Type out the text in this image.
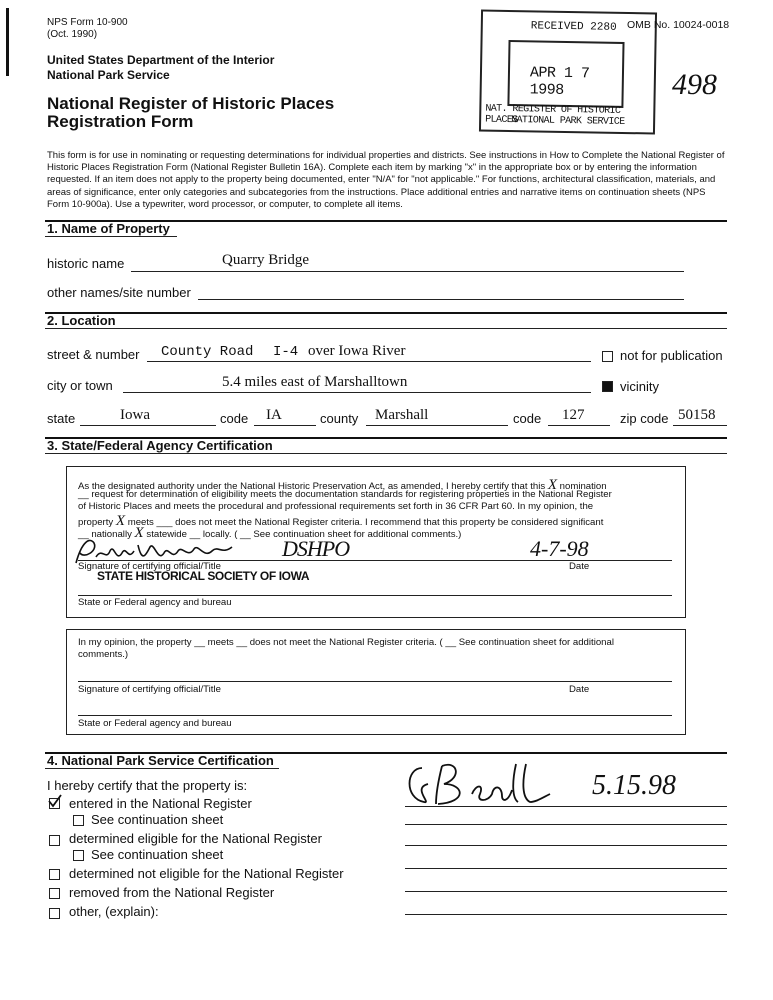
NPS Form 10-900
(Oct. 1990)
United States Department of the Interior
National Park Service
National Register of Historic Places
Registration Form
RECEIVED 2280
APR 1 7 1998
NAT. REGISTER OF HISTORIC PLACES
NATIONAL PARK SERVICE
OMB No. 10024-0018
498
This form is for use in nominating or requesting determinations for individual properties and districts. See instructions in How to Complete the National Register of Historic Places Registration Form (National Register Bulletin 16A). Complete each item by marking "x" in the appropriate box or by entering the information requested. If an item does not apply to the property being documented, enter "N/A" for "not applicable." For functions, architectural classification, materials, and areas of significance, enter only categories and subcategories from the instructions. Place additional entries and narrative items on continuation sheets (NPS Form 10-900a). Use a typewriter, word processor, or computer, to complete all items.
1. Name of Property
historic name	Quarry Bridge
other names/site number
2. Location
street & number County Road I-4 over Iowa River	not for publication
city or town	5.4 miles east of Marshalltown	vicinity
state	Iowa	code IA	county Marshall	code 127	zip code 50158
3. State/Federal Agency Certification
As the designated authority under the National Historic Preservation Act, as amended, I hereby certify that this X nomination
__ request for determination of eligibility meets the documentation standards for registering properties in the National Register
of Historic Places and meets the procedural and professional requirements set forth in 36 CFR Part 60. In my opinion, the
property X meets ___ does not meet the National Register criteria. I recommend that this property be considered significant
__ nationally X statewide __ locally. ( __ See continuation sheet for additional comments.)
DSHPO	4-7-98
Signature of certifying official/Title	Date
STATE HISTORICAL SOCIETY OF IOWA
State or Federal agency and bureau
In my opinion, the property __ meets __ does not meet the National Register criteria. ( __ See continuation sheet for additional
comments.)
Signature of certifying official/Title	Date
State or Federal agency and bureau
4. National Park Service Certification
I hereby certify that the property is:	5.15.98
entered in the National Register
See continuation sheet
determined eligible for the National Register
See continuation sheet
determined not eligible for the National Register
removed from the National Register
other, (explain):
